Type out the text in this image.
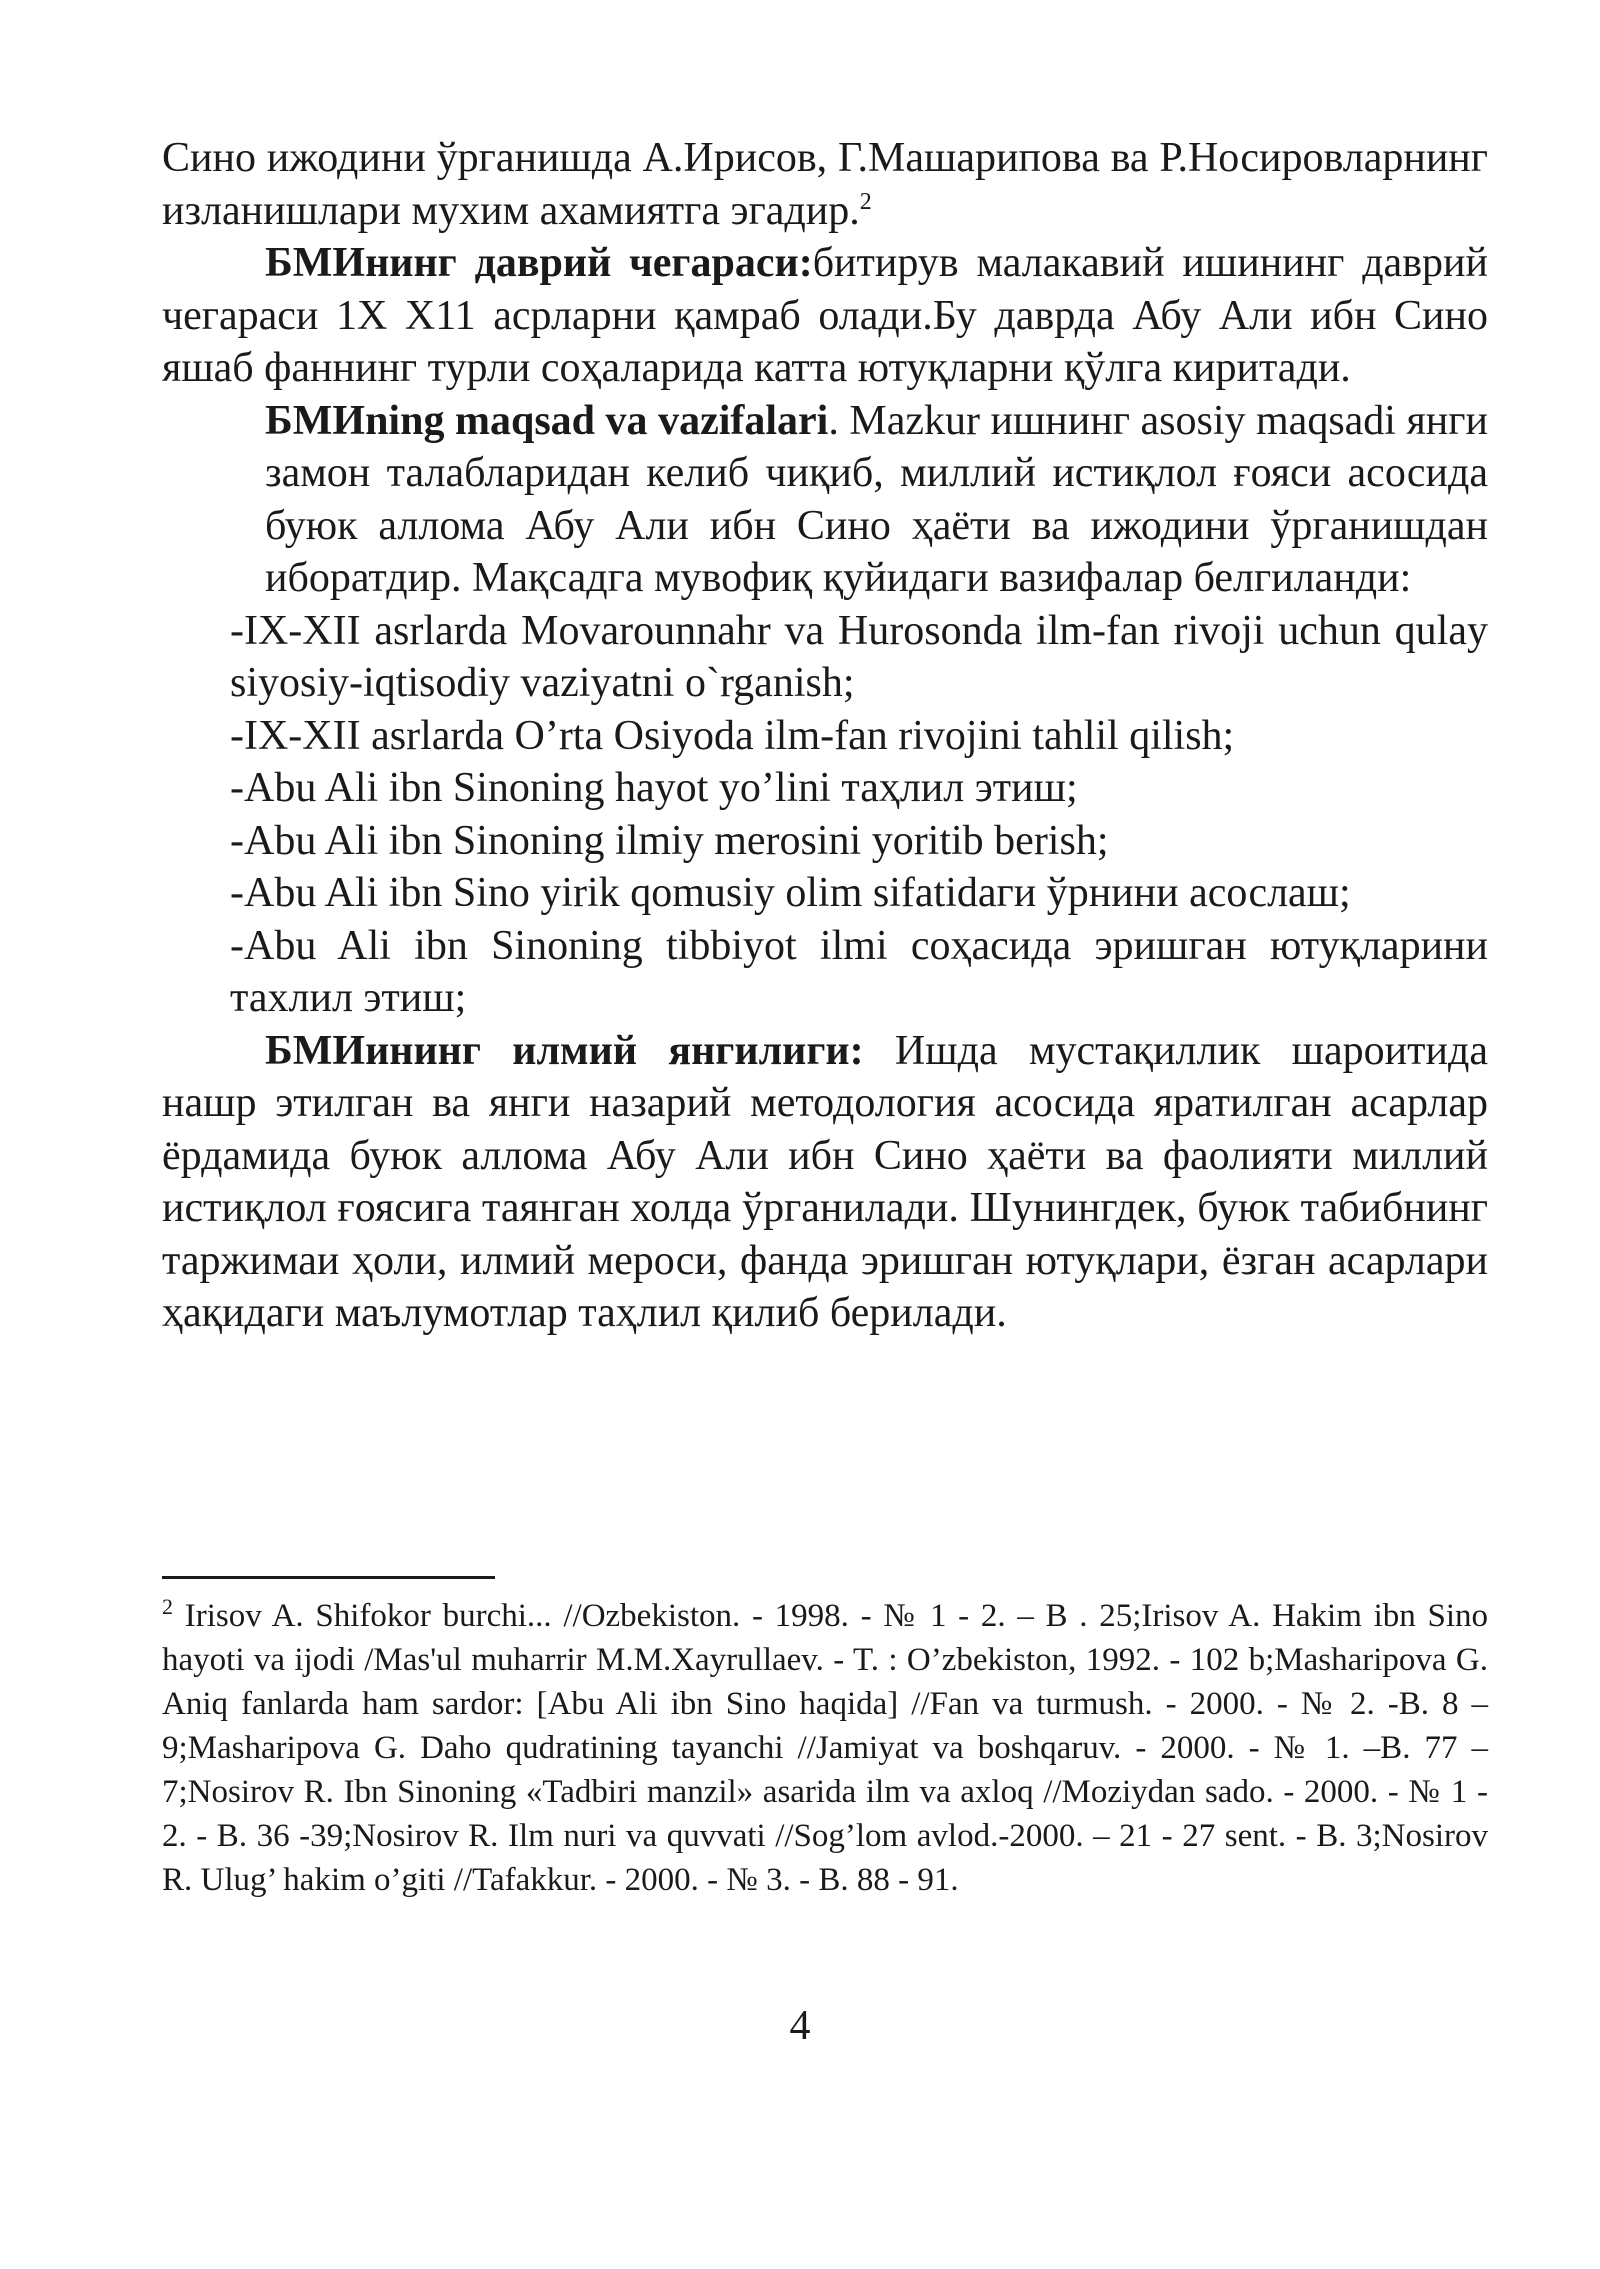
Сино ижодини ўрганишда А.Ирисов, Г.Машарипова ва Р.Носировларнинг изланишлари мухим ахамиятга эгадир.$^2$

БМИнинг даврий чегараси:битирув малакавий ишининг даврий чегараси 1Х Х11 асрларни қамраб олади.Бу даврда Абу Али ибн Сино яшаб фаннинг турли соҳаларида катта ютуқларни қўлга киритади.

БМИning maqsad va vazifalari. Mazkur ишнинг asosiy maqsadi янги замон талабларидан келиб чиқиб, миллий истиқлол ғояси асосида буюк аллома Абу Али ибн Сино ҳаёти ва ижодини ўрганишдан иборатдир. Мақсадга мувофиқ қуйидаги вазифалар белгиланди:

-IX-XII asrlarda Movarounnahr va Hurosonda ilm-fan rivoji uchun qulay siyosiy-iqtisodiy vaziyatni o`rganish;

-IX-XII asrlarda O’rta Osiyoda ilm-fan rivojini tahlil qilish;

-Abu Ali ibn Sinoning hayot yo’lini таҳлил этиш;

-Abu Ali ibn Sinoning ilmiy merosini yoritib berish;

-Abu Ali ibn Sino yirik qomusiy olim sifatidaги ўрнини асослаш;

-Abu Ali ibn Sinoning tibbiyot ilmi соҳасида эришган ютуқларини тахлил этиш;

БМИининг илмий янгилиги: Ишда мустақиллик шароитида нашр этилган ва янги назарий методология асосида яратилган асарлар ёрдамида буюк аллома Абу Али ибн Сино ҳаёти ва фаолияти миллий истиқлол ғоясига таянган холда ўрганилади. Шунингдек, буюк табибнинг таржимаи ҳоли, илмий мероси, фанда эришган ютуқлари, ёзган асарлари ҳақидаги маълумотлар таҳлил қилиб берилади.

$^2$ Irisov A. Shifokor burchi... //Ozbekiston. - 1998. - № 1 - 2. – B . 25;Irisov A. Hakim ibn Sino hayoti va ijodi /Mas'ul muharrir M.M.Xayrullaev. - T. : O’zbekiston, 1992. - 102 b;Masharipova G. Aniq fanlarda ham sardor: [Abu Ali ibn Sino haqida] //Fan va turmush. - 2000. - № 2. -B. 8 – 9;Masharipova G. Daho qudratining tayanchi //Jamiyat va boshqaruv. - 2000. - № 1. –B. 77 – 7;Nosirov R. Ibn Sinoning «Tadbiri manzil» asarida ilm va axloq //Moziydan sado. - 2000. - № 1 - 2. - B. 36 -39;Nosirov R. Ilm nuri va quvvati //Sog’lom avlod.-2000. – 21 - 27 sent. - B. 3;Nosirov R. Ulug’ hakim o’giti //Tafakkur. - 2000. - № 3. - B. 88 - 91.

4
